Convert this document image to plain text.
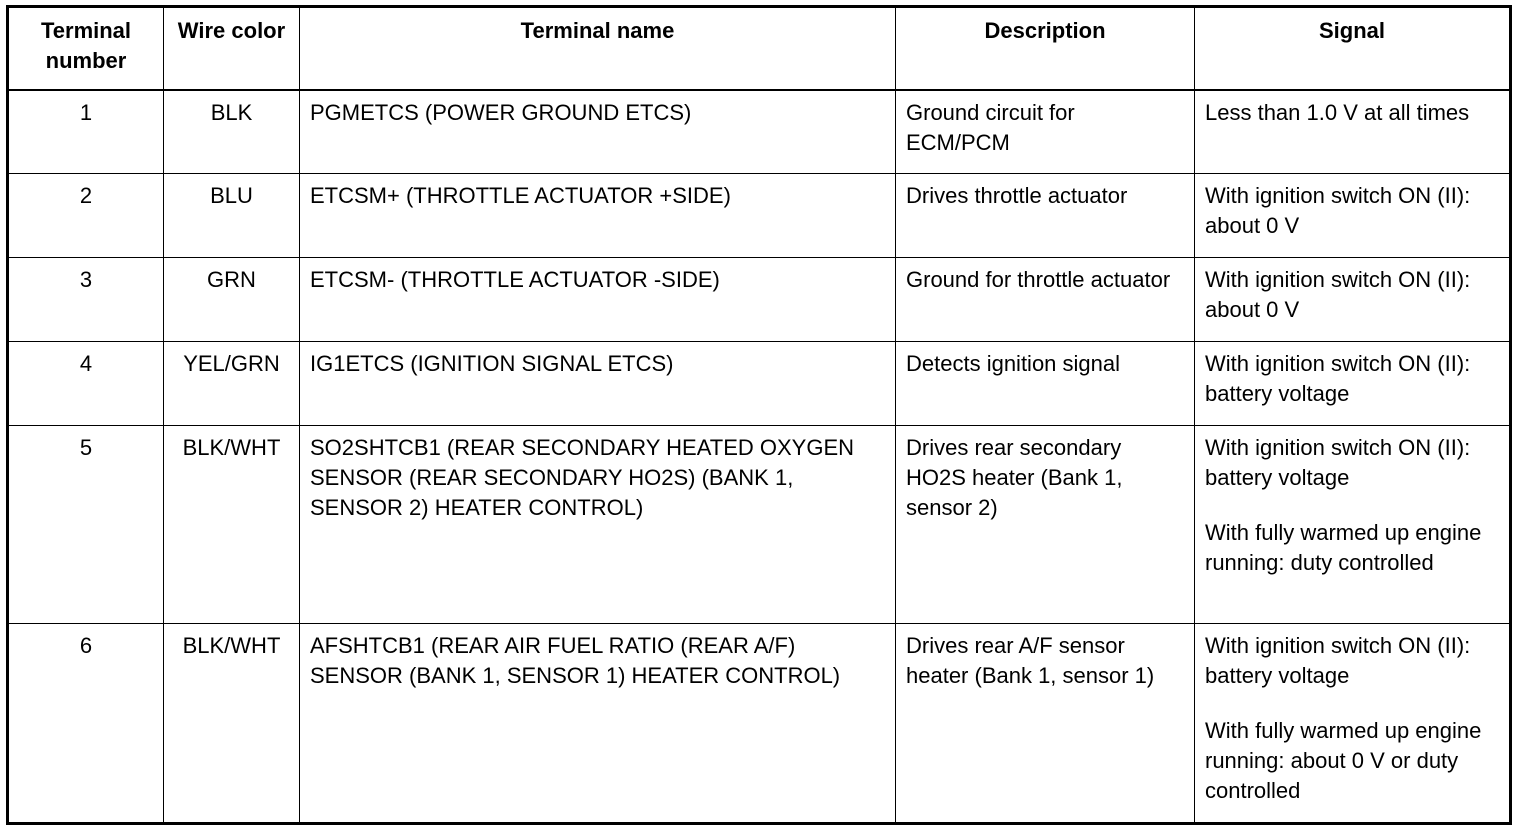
Terminal number	Wire color	Terminal name	Description	Signal
1	BLK	PGMETCS (POWER GROUND ETCS)	Ground circuit for ECM/PCM	Less than 1.0 V at all times

2	BLU	ETCSM+ (THROTTLE ACTUATOR +SIDE)	Drives throttle actuator	With ignition switch ON (II): about 0 V

3	GRN	ETCSM- (THROTTLE ACTUATOR -SIDE)	Ground for throttle actuator	With ignition switch ON (II): about 0 V

4	YEL/GRN	IG1ETCS (IGNITION SIGNAL ETCS)	Detects ignition signal	With ignition switch ON (II): battery voltage

5	BLK/WHT	SO2SHTCB1 (REAR SECONDARY HEATED OXYGEN SENSOR (REAR SECONDARY HO2S) (BANK 1, SENSOR 2) HEATER CONTROL)	Drives rear secondary HO2S heater (Bank 1, sensor 2)	With ignition switch ON (II): battery voltage
With fully warmed up engine running: duty controlled

6	BLK/WHT	AFSHTCB1 (REAR AIR FUEL RATIO (REAR A/F) SENSOR (BANK 1, SENSOR 1) HEATER CONTROL)	Drives rear A/F sensor heater (Bank 1, sensor 1)	With ignition switch ON (II): battery voltage
With fully warmed up engine running: about 0 V or duty controlled
